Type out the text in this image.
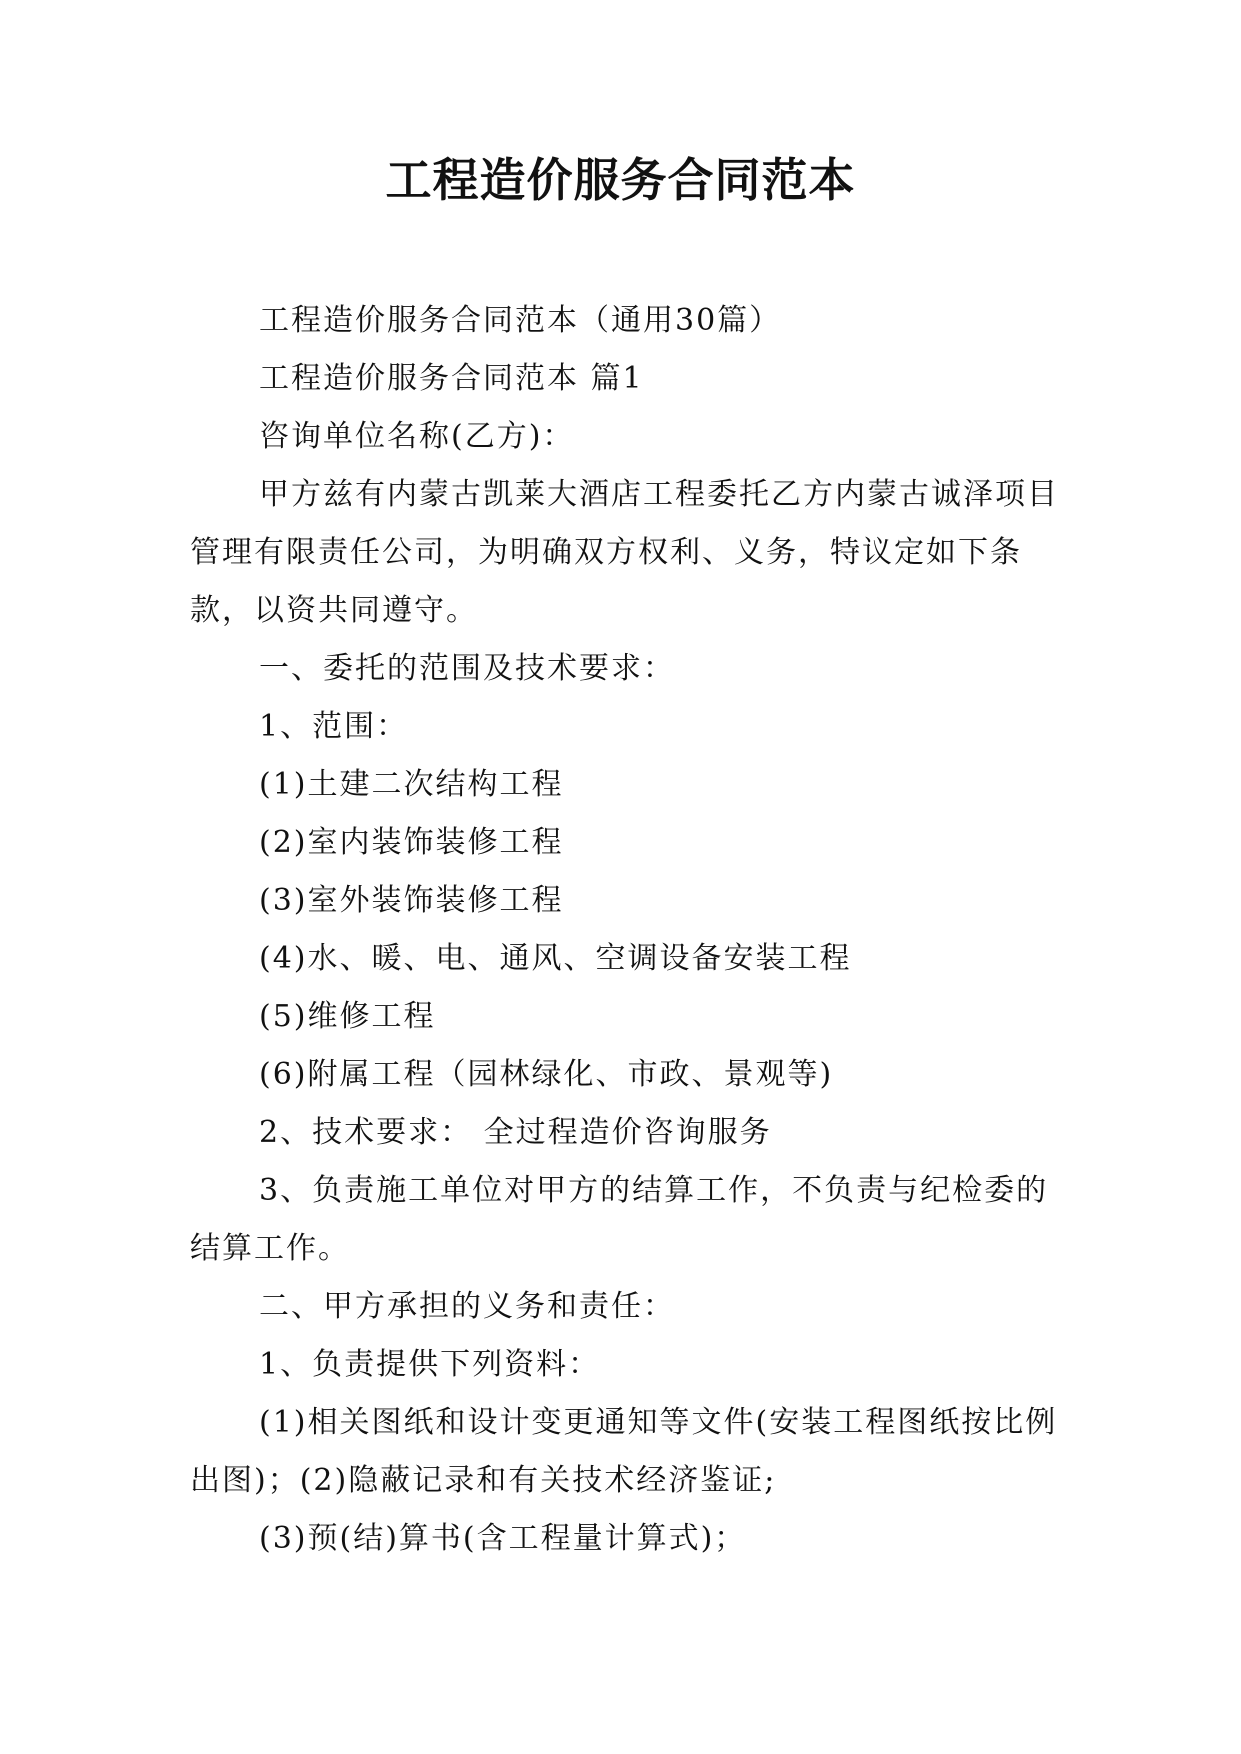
工程造价服务合同范本

工程造价服务合同范本（通用30篇）

工程造价服务合同范本 篇1

咨询单位名称(乙方)：

甲方兹有内蒙古凯莱大酒店工程委托乙方内蒙古诚泽项目管理有限责任公司，为明确双方权利、义务，特议定如下条款，以资共同遵守。

一、委托的范围及技术要求：

1、范围：

(1)土建二次结构工程

(2)室内装饰装修工程

(3)室外装饰装修工程

(4)水、暖、电、通风、空调设备安装工程

(5)维修工程

(6)附属工程（园林绿化、市政、景观等)

2、技术要求： 全过程造价咨询服务

3、负责施工单位对甲方的结算工作，不负责与纪检委的结算工作。

二、甲方承担的义务和责任：

1、负责提供下列资料：

(1)相关图纸和设计变更通知等文件(安装工程图纸按比例出图)；(2)隐蔽记录和有关技术经济鉴证;

(3)预(结)算书(含工程量计算式)；
